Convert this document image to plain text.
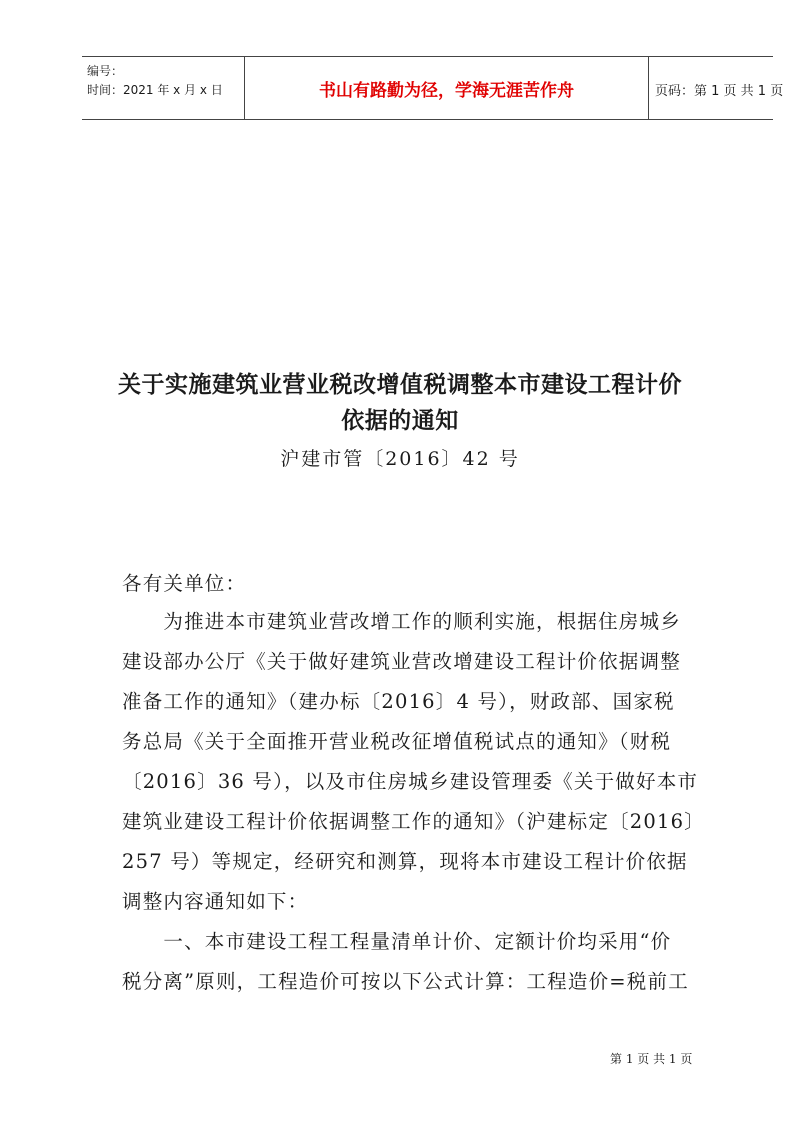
编号：
时间：2021 年 x 月 x 日	书山有路勤为径，学海无涯苦作舟	页码：第 1 页 共 1 页
关于实施建筑业营业税改增值税调整本市建设工程计价
依据的通知
沪建市管〔2016〕42 号
各有关单位：
　　为推进本市建筑业营改增工作的顺利实施，根据住房城乡
建设部办公厅《关于做好建筑业营改增建设工程计价依据调整
准备工作的通知》（建办标〔2016〕4 号），财政部、国家税
务总局《关于全面推开营业税改征增值税试点的通知》（财税
〔2016〕36 号），以及市住房城乡建设管理委《关于做好本市
建筑业建设工程计价依据调整工作的通知》（沪建标定〔2016〕
257 号）等规定，经研究和测算，现将本市建设工程计价依据
调整内容通知如下：
　　一、本市建设工程工程量清单计价、定额计价均采用“价
税分离”原则，工程造价可按以下公式计算：工程造价=税前工
第 1 页 共 1 页
